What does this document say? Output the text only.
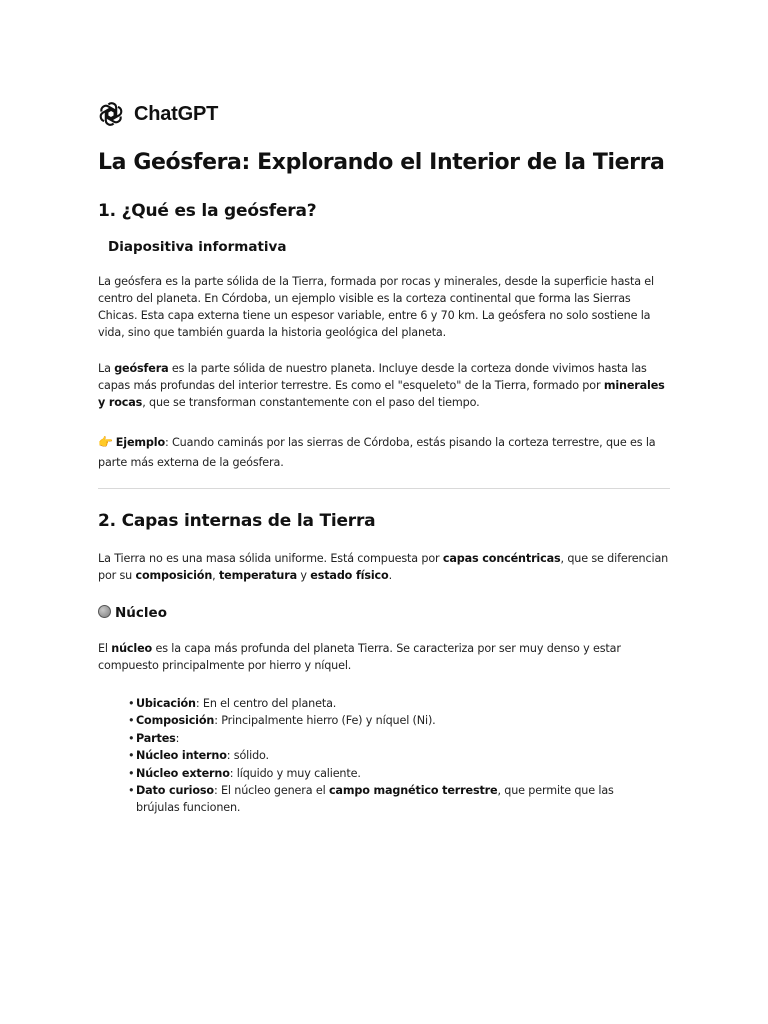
ChatGPT
La Geósfera: Explorando el Interior de la Tierra
1. ¿Qué es la geósfera?
Diapositiva informativa

La geósfera es la parte sólida de la Tierra, formada por rocas y minerales, desde la superficie hasta el centro del planeta. En Córdoba, un ejemplo visible es la corteza continental que forma las Sierras Chicas. Esta capa externa tiene un espesor variable, entre 6 y 70 km. La geósfera no solo sostiene la vida, sino que también guarda la historia geológica del planeta.

La geósfera es la parte sólida de nuestro planeta. Incluye desde la corteza donde vivimos hasta las capas más profundas del interior terrestre. Es como el "esqueleto" de la Tierra, formado por minerales y rocas, que se transforman constantemente con el paso del tiempo.

👉 Ejemplo: Cuando caminás por las sierras de Córdoba, estás pisando la corteza terrestre, que es la parte más externa de la geósfera.

2. Capas internas de la Tierra

La Tierra no es una masa sólida uniforme. Está compuesta por capas concéntricas, que se diferencian por su composición, temperatura y estado físico.

Núcleo

El núcleo es la capa más profunda del planeta Tierra. Se caracteriza por ser muy denso y estar compuesto principalmente por hierro y níquel.

• Ubicación: En el centro del planeta.
• Composición: Principalmente hierro (Fe) y níquel (Ni).
• Partes:
• Núcleo interno: sólido.
• Núcleo externo: líquido y muy caliente.
• Dato curioso: El núcleo genera el campo magnético terrestre, que permite que las brújulas funcionen.
